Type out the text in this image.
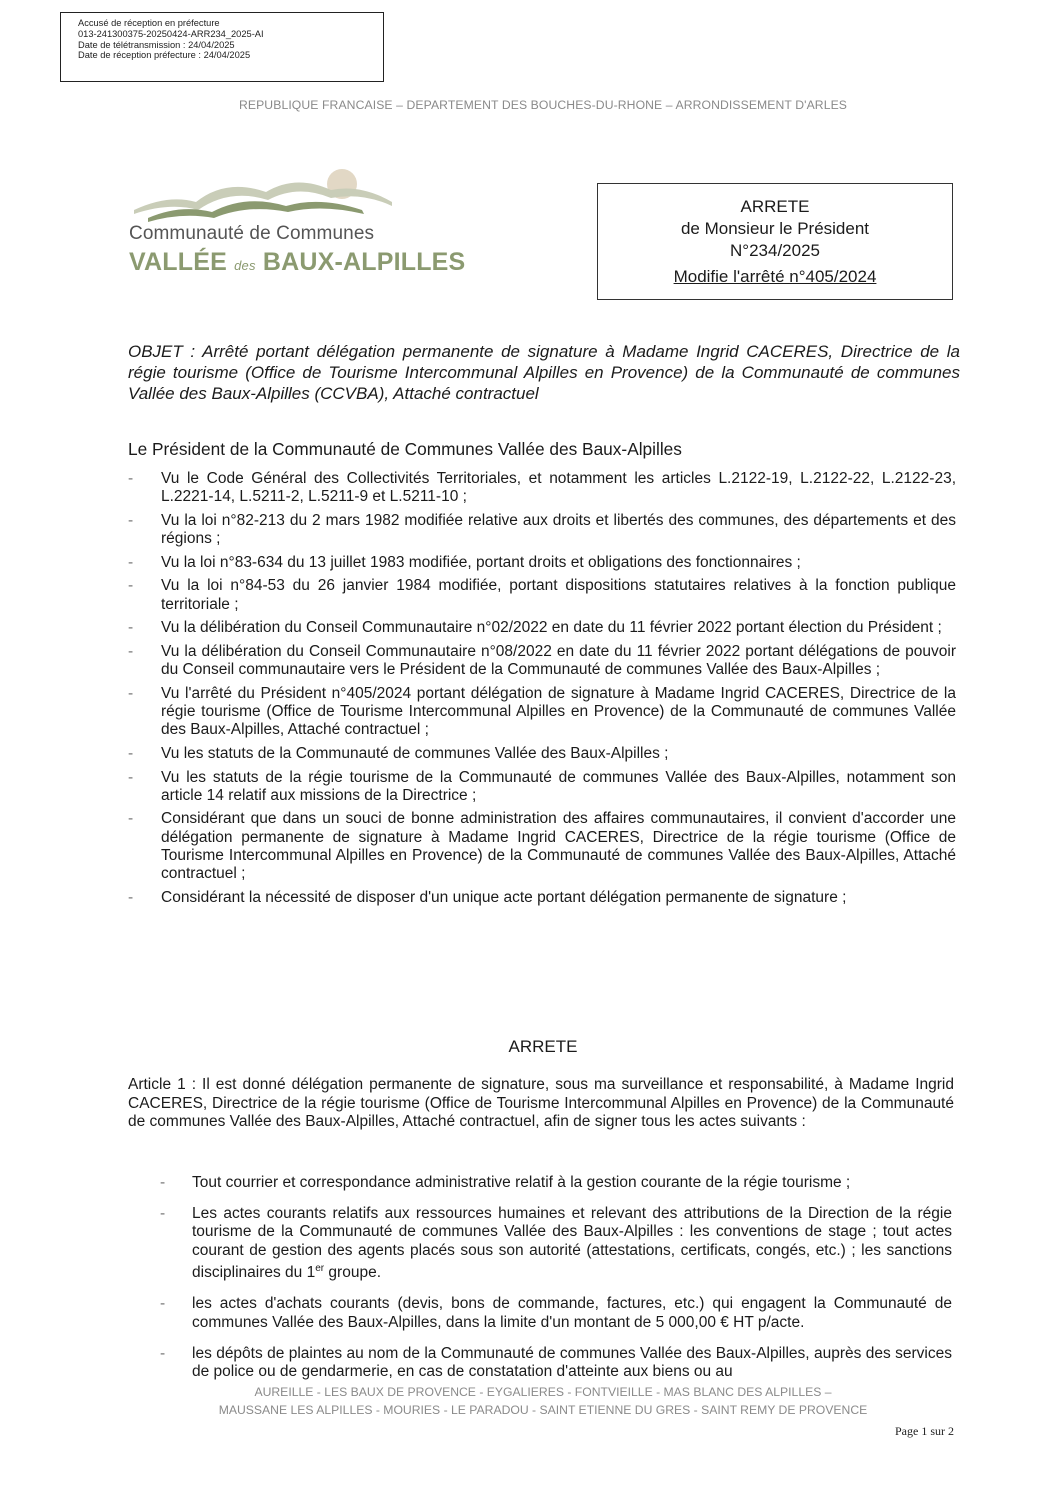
Accusé de réception en préfecture
013-241300375-20250424-ARR234_2025-AI
Date de télétransmission : 24/04/2025
Date de réception préfecture : 24/04/2025
REPUBLIQUE FRANCAISE – DEPARTEMENT DES BOUCHES-DU-RHONE – ARRONDISSEMENT D'ARLES
Communauté de Communes
VALLÉE des BAUX-ALPILLES
ARRETE
de Monsieur le Président
N°234/2025
Modifie l'arrêté n°405/2024
OBJET : Arrêté portant délégation permanente de signature à Madame Ingrid CACERES, Directrice de la régie tourisme (Office de Tourisme Intercommunal Alpilles en Provence) de la Communauté de communes Vallée des Baux-Alpilles (CCVBA), Attaché contractuel
Le Président de la Communauté de Communes Vallée des Baux-Alpilles
- Vu le Code Général des Collectivités Territoriales, et notamment les articles L.2122-19, L.2122-22, L.2122-23, L.2221-14, L.5211-2, L.5211-9 et L.5211-10 ;
- Vu la loi n°82-213 du 2 mars 1982 modifiée relative aux droits et libertés des communes, des départements et des régions ;
- Vu la loi n°83-634 du 13 juillet 1983 modifiée, portant droits et obligations des fonctionnaires ;
- Vu la loi n°84-53 du 26 janvier 1984 modifiée, portant dispositions statutaires relatives à la fonction publique territoriale ;
- Vu la délibération du Conseil Communautaire n°02/2022 en date du 11 février 2022 portant élection du Président ;
- Vu la délibération du Conseil Communautaire n°08/2022 en date du 11 février 2022 portant délégations de pouvoir du Conseil communautaire vers le Président de la Communauté de communes Vallée des Baux-Alpilles ;
- Vu l'arrêté du Président n°405/2024 portant délégation de signature à Madame Ingrid CACERES, Directrice de la régie tourisme (Office de Tourisme Intercommunal Alpilles en Provence) de la Communauté de communes Vallée des Baux-Alpilles, Attaché contractuel ;
- Vu les statuts de la Communauté de communes Vallée des Baux-Alpilles ;
- Vu les statuts de la régie tourisme de la Communauté de communes Vallée des Baux-Alpilles, notamment son article 14 relatif aux missions de la Directrice ;
- Considérant que dans un souci de bonne administration des affaires communautaires, il convient d'accorder une délégation permanente de signature à Madame Ingrid CACERES, Directrice de la régie tourisme (Office de Tourisme Intercommunal Alpilles en Provence) de la Communauté de communes Vallée des Baux-Alpilles, Attaché contractuel ;
- Considérant la nécessité de disposer d'un unique acte portant délégation permanente de signature ;
ARRETE
Article 1 : Il est donné délégation permanente de signature, sous ma surveillance et responsabilité, à Madame Ingrid CACERES, Directrice de la régie tourisme (Office de Tourisme Intercommunal Alpilles en Provence) de la Communauté de communes Vallée des Baux-Alpilles, Attaché contractuel, afin de signer tous les actes suivants :
- Tout courrier et correspondance administrative relatif à la gestion courante de la régie tourisme ;
- Les actes courants relatifs aux ressources humaines et relevant des attributions de la Direction de la régie tourisme de la Communauté de communes Vallée des Baux-Alpilles : les conventions de stage ; tout actes courant de gestion des agents placés sous son autorité (attestations, certificats, congés, etc.) ; les sanctions disciplinaires du 1er groupe.
- les actes d'achats courants (devis, bons de commande, factures, etc.) qui engagent la Communauté de communes Vallée des Baux-Alpilles, dans la limite d'un montant de 5 000,00 € HT p/acte.
- les dépôts de plaintes au nom de la Communauté de communes Vallée des Baux-Alpilles, auprès des services de police ou de gendarmerie, en cas de constatation d'atteinte aux biens ou au
AUREILLE - LES BAUX DE PROVENCE - EYGALIERES - FONTVIEILLE - MAS BLANC DES ALPILLES –
MAUSSANE LES ALPILLES - MOURIES - LE PARADOU - SAINT ETIENNE DU GRES - SAINT REMY DE PROVENCE
Page 1 sur 2
